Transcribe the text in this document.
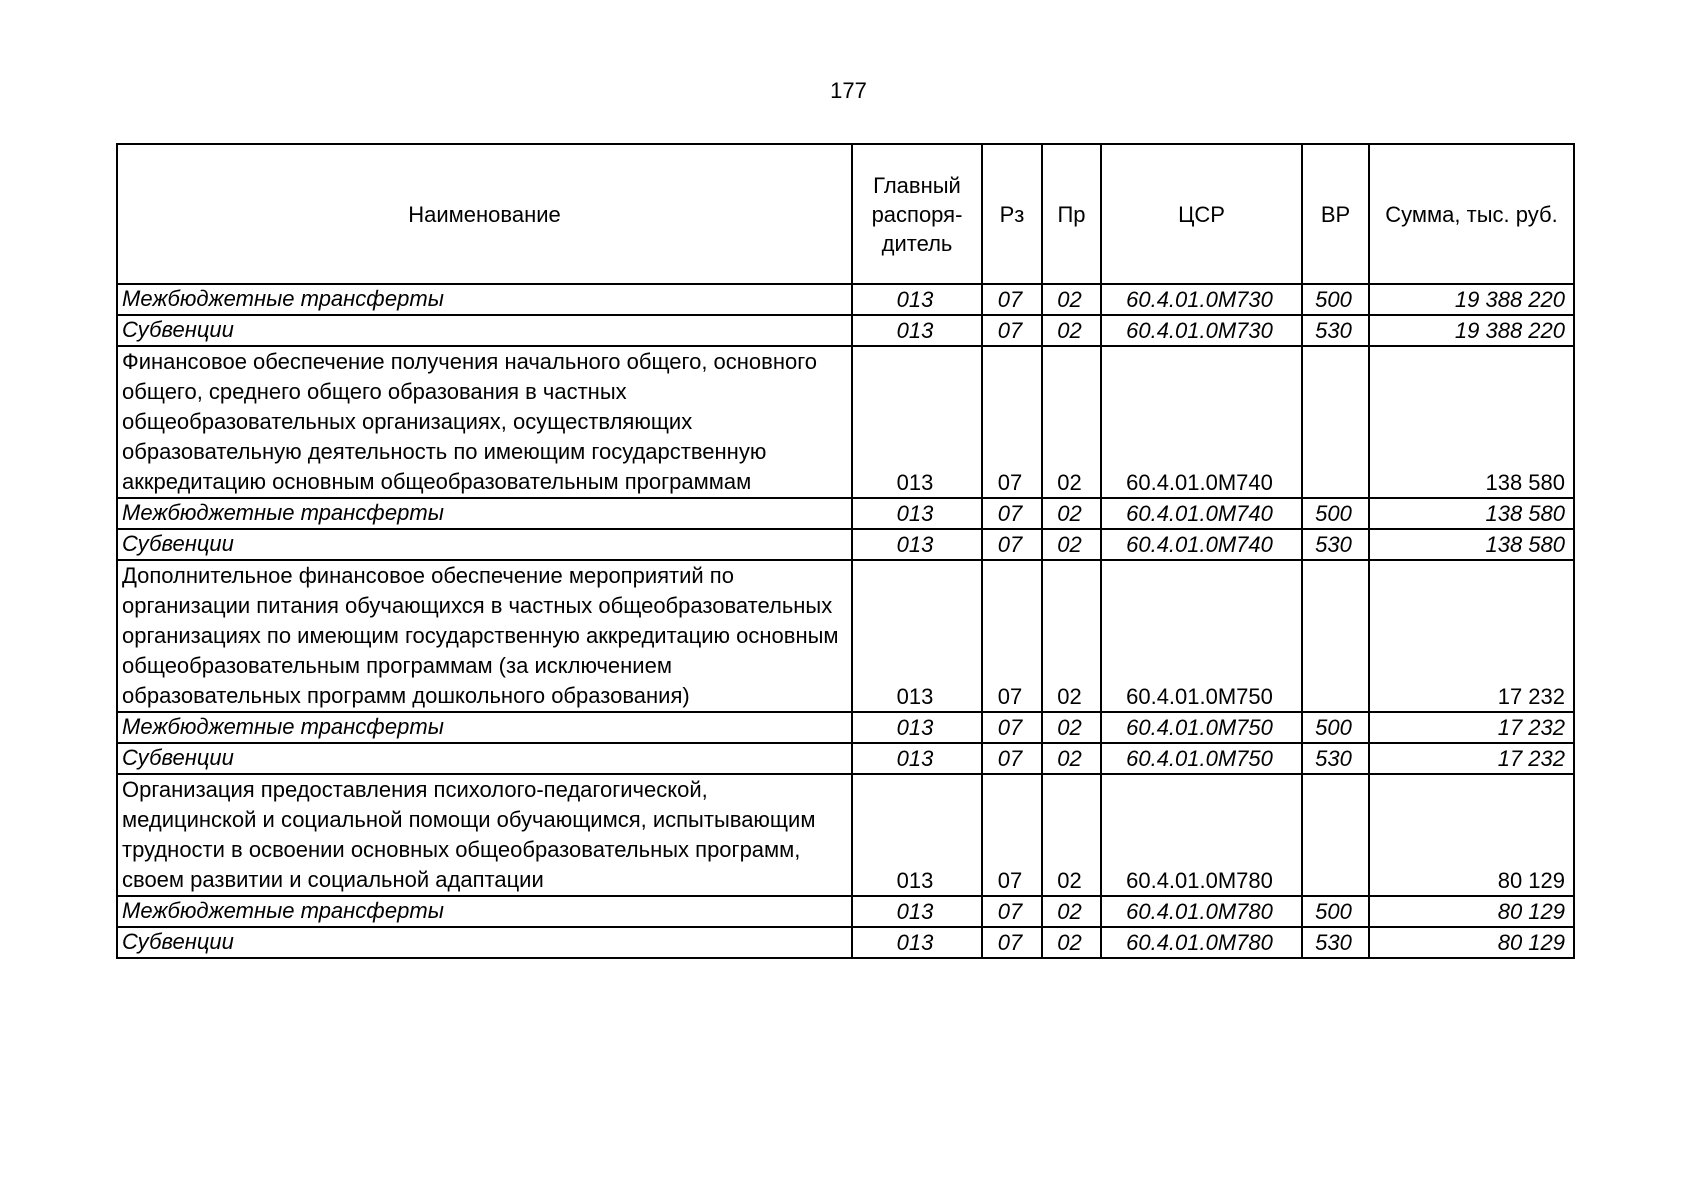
177
Наименование	Главный распоря-дитель	Рз	Пр	ЦСР	ВР	Сумма, тыс. руб.
Межбюджетные трансферты	013	07	02	60.4.01.0M730	500	19 388 220
Субвенции	013	07	02	60.4.01.0M730	530	19 388 220
Финансовое обеспечение получения начального общего, основного общего, среднего общего образования в частных общеобразовательных организациях, осуществляющих образовательную деятельность по имеющим государственную аккредитацию основным общеобразовательным программам	013	07	02	60.4.01.0M740		138 580
Межбюджетные трансферты	013	07	02	60.4.01.0M740	500	138 580
Субвенции	013	07	02	60.4.01.0M740	530	138 580
Дополнительное финансовое обеспечение мероприятий по организации питания обучающихся в частных общеобразовательных организациях по имеющим государственную аккредитацию основным общеобразовательным программам (за исключением образовательных программ дошкольного образования)	013	07	02	60.4.01.0M750		17 232
Межбюджетные трансферты	013	07	02	60.4.01.0M750	500	17 232
Субвенции	013	07	02	60.4.01.0M750	530	17 232
Организация предоставления психолого-педагогической, медицинской и социальной помощи обучающимся, испытывающим трудности в освоении основных общеобразовательных программ, своем развитии и социальной адаптации	013	07	02	60.4.01.0M780		80 129
Межбюджетные трансферты	013	07	02	60.4.01.0M780	500	80 129
Субвенции	013	07	02	60.4.01.0M780	530	80 129
